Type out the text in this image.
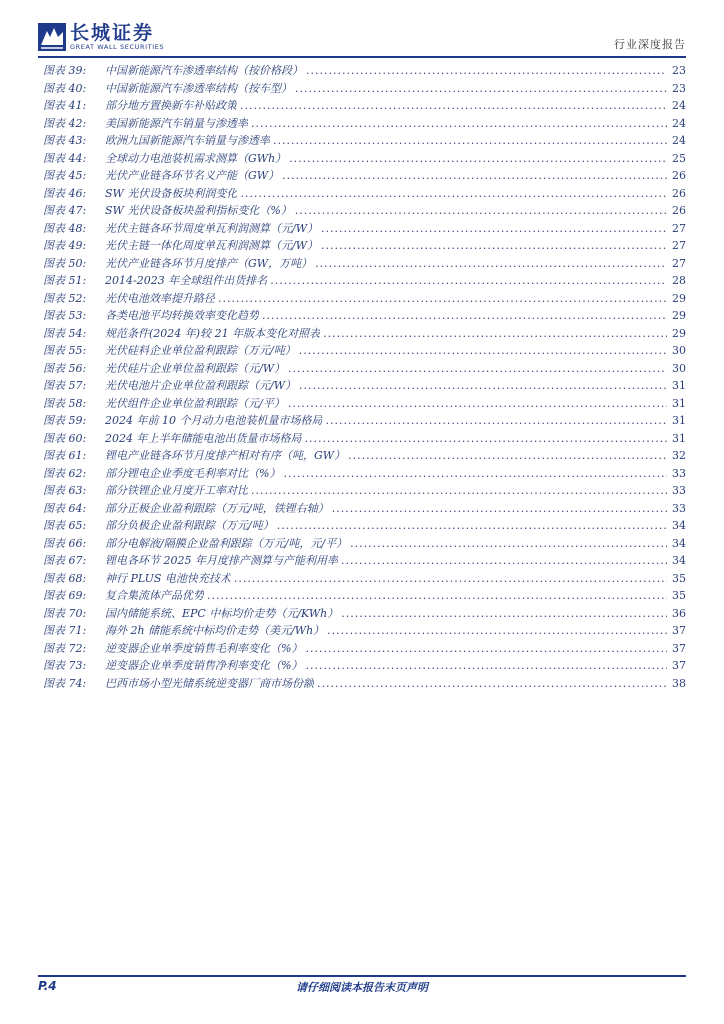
长城证券
GREAT WALL SECURITIES	行业深度报告
图表 39:	中国新能源汽车渗透率结构（按价格段） .....	23
图表 40:	中国新能源汽车渗透率结构（按车型） .....	23
图表 41:	部分地方置换新车补贴政策 .....	24
图表 42:	美国新能源汽车销量与渗透率 .....	24
图表 43:	欧洲九国新能源汽车销量与渗透率 .....	24
图表 44:	全球动力电池装机需求测算（GWh） .....	25
图表 45:	光伏产业链各环节名义产能（GW） .....	26
图表 46:	SW 光伏设备板块利润变化 .....	26
图表 47:	SW 光伏设备板块盈利指标变化（%） .....	26
图表 48:	光伏主链各环节周度单瓦利润测算（元/W） .....	27
图表 49:	光伏主链一体化周度单瓦利润测算（元/W） .....	27
图表 50:	光伏产业链各环节月度排产（GW，万吨） .....	27
图表 51:	2014-2023 年全球组件出货排名 .....	28
图表 52:	光伏电池效率提升路径 .....	29
图表 53:	各类电池平均转换效率变化趋势 .....	29
图表 54:	规范条件(2024 年)较 21 年版本变化对照表 .....	29
图表 55:	光伏硅料企业单位盈利跟踪（万元/吨） .....	30
图表 56:	光伏硅片企业单位盈利跟踪（元/W） .....	30
图表 57:	光伏电池片企业单位盈利跟踪（元/W） .....	31
图表 58:	光伏组件企业单位盈利跟踪（元/平） .....	31
图表 59:	2024 年前 10 个月动力电池装机量市场格局 .....	31
图表 60:	2024 年上半年储能电池出货量市场格局 .....	31
图表 61:	锂电产业链各环节月度排产相对有序（吨，GW） .....	32
图表 62:	部分锂电企业季度毛利率对比（%） .....	33
图表 63:	部分铁锂企业月度开工率对比 .....	33
图表 64:	部分正极企业盈利跟踪（万元/吨，铁锂右轴） .....	33
图表 65:	部分负极企业盈利跟踪（万元/吨） .....	34
图表 66:	部分电解液/隔膜企业盈利跟踪（万元/吨，元/平） .....	34
图表 67:	锂电各环节 2025 年月度排产测算与产能利用率 .....	34
图表 68:	神行 PLUS 电池快充技术 .....	35
图表 69:	复合集流体产品优势 .....	35
图表 70:	国内储能系统、EPC 中标均价走势（元/KWh） .....	36
图表 71:	海外 2h 储能系统中标均价走势（美元/Wh） .....	37
图表 72:	逆变器企业单季度销售毛利率变化（%） .....	37
图表 73:	逆变器企业单季度销售净利率变化（%） .....	37
图表 74:	巴西市场小型光储系统逆变器厂商市场份额 .....	38
P.4	请仔细阅读本报告末页声明
